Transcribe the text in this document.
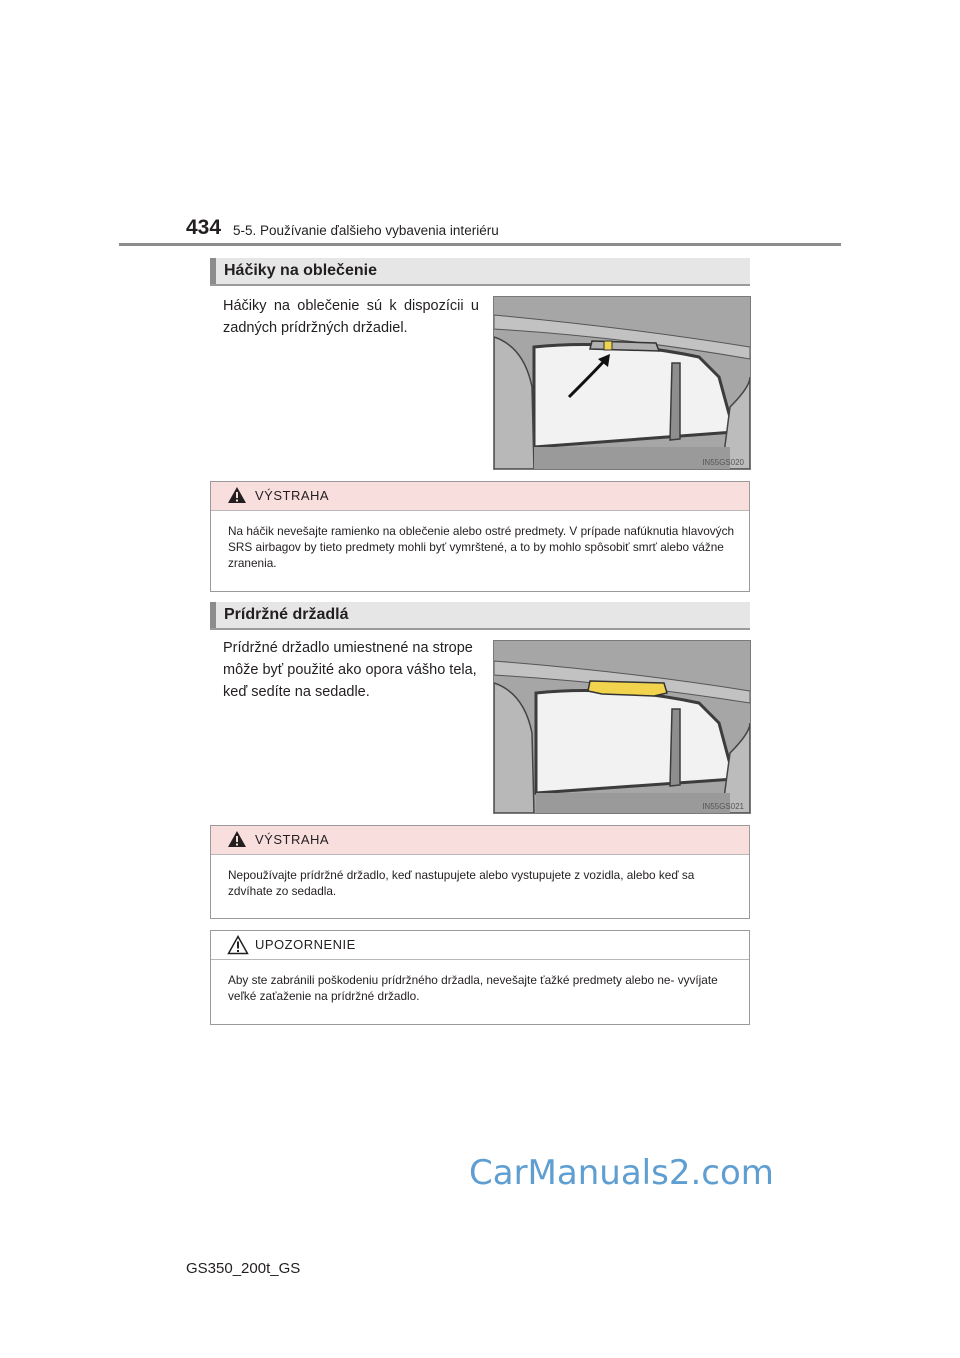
434 5-5. Používanie ďalšieho vybavenia interiéru
Háčiky na oblečenie
Háčiky na oblečenie sú k dispozícii u zadných prídržných držadiel.
IN55GS020
VÝSTRAHA
Na háčik nevešajte ramienko na oblečenie alebo ostré predmety. V prípade nafúknutia hlavových SRS airbagov by tieto predmety mohli byť vymrštené, a to by mohlo spôsobiť smrť alebo vážne zranenia.
Prídržné držadlá
Prídržné držadlo umiestnené na strope môže byť použité ako opora vášho tela, keď sedíte na sedadle.
IN55GS021
VÝSTRAHA
Nepoužívajte prídržné držadlo, keď nastupujete alebo vystupujete z vozidla, alebo keď sa zdvíhate zo sedadla.
UPOZORNENIE
Aby ste zabránili poškodeniu prídržného držadla, nevešajte ťažké predmety alebo ne- vyvíjate veľké zaťaženie na prídržné držadlo.
CarManuals2.com
GS350_200t_GS
